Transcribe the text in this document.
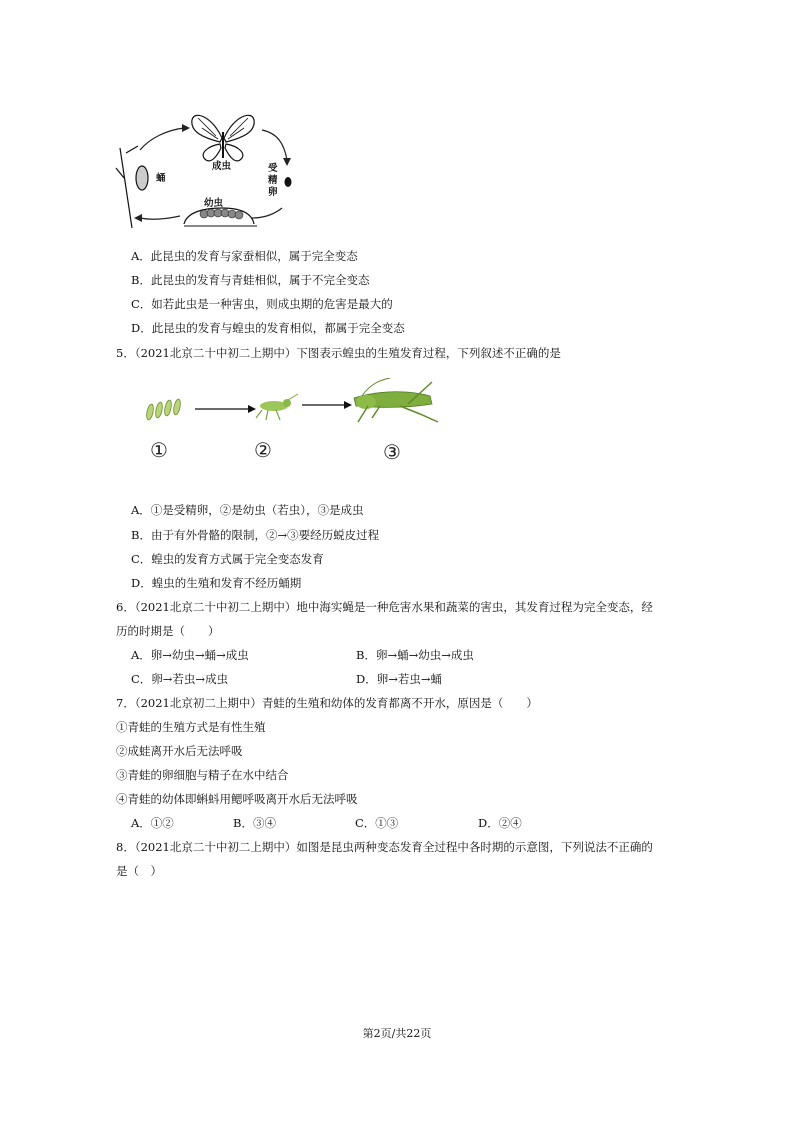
成虫	受
精
卵
幼虫
蛹
A．此昆虫的发育与家蚕相似，属于完全变态
B．此昆虫的发育与青蛙相似，属于不完全变态
C．如若此虫是一种害虫，则成虫期的危害是最大的
D．此昆虫的发育与蝗虫的发育相似，都属于完全变态
5．（2021北京二十中初二上期中）下图表示蝗虫的生殖发育过程，下列叙述不正确的是
①	②	③
A．①是受精卵，②是幼虫（若虫），③是成虫
B．由于有外骨骼的限制，②→③要经历蜕皮过程
C．蝗虫的发育方式属于完全变态发育
D．蝗虫的生殖和发育不经历蛹期
6．（2021北京二十中初二上期中）地中海实蝇是一种危害水果和蔬菜的害虫，其发育过程为完全变态，经
历的时期是（　　）
A．卵→幼虫→蛹→成虫	B．卵→蛹→幼虫→成虫
C．卵→若虫→成虫	D．卵→若虫→蛹
7．（2021北京初二上期中）青蛙的生殖和幼体的发育都离不开水，原因是（　　）
①青蛙的生殖方式是有性生殖
②成蛙离开水后无法呼吸
③青蛙的卵细胞与精子在水中结合
④青蛙的幼体即蝌蚪用鳃呼吸离开水后无法呼吸
A．①②	B．③④	C．①③	D．②④
8．（2021北京二十中初二上期中）如图是昆虫两种变态发育全过程中各时期的示意图，下列说法不正确的
是（　）
第2页/共22页
